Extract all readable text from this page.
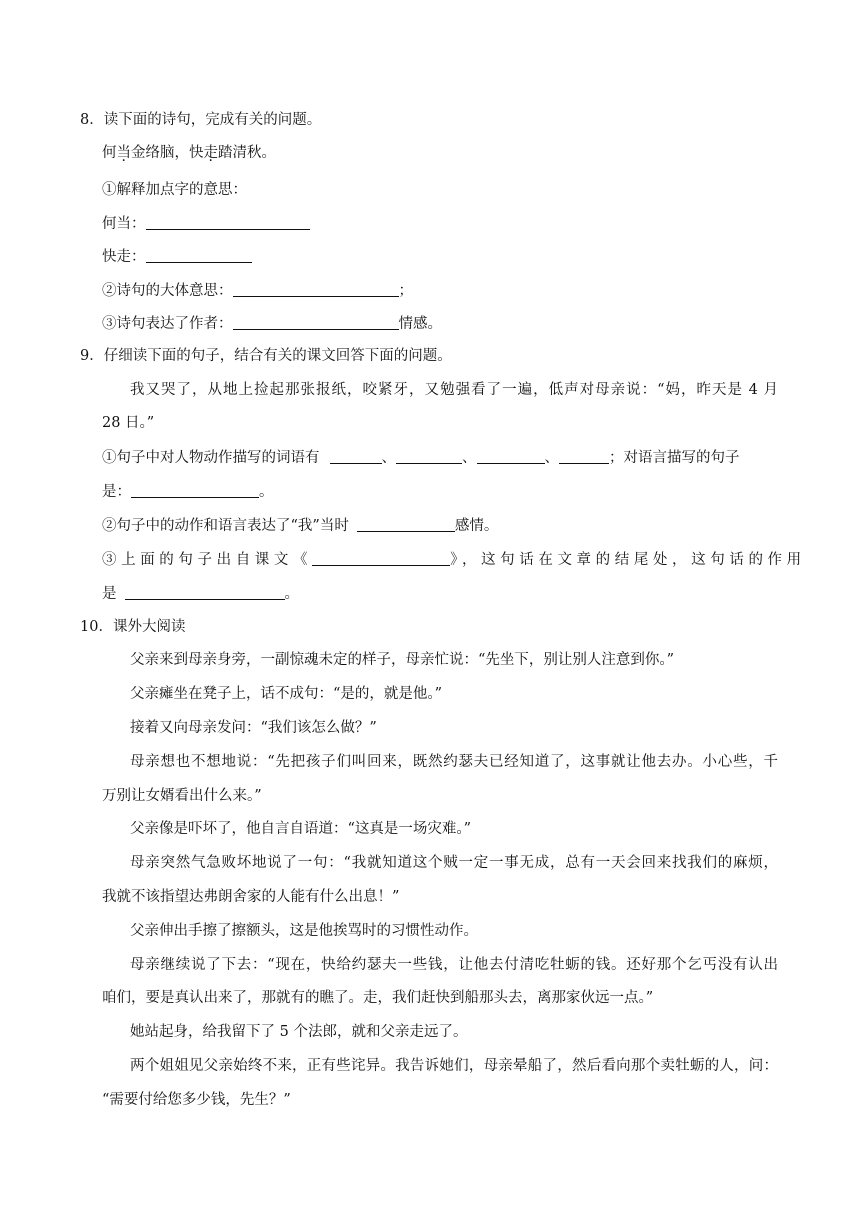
8．读下面的诗句，完成有关的问题。
何当金络脑，快走踏清秋。
①解释加点字的意思：
何当：
快走：
②诗句的大体意思：	；
③诗句表达了作者：	情感。
9．仔细读下面的句子，结合有关的课文回答下面的问题。
我又哭了，从地上捡起那张报纸，咬紧牙，又勉强看了一遍，低声对母亲说：“妈，昨天是 4 月
28 日。”
①句子中对人物动作描写的词语有	、	、	、	；对语言描写的句子
是：	。
②句子中的动作和语言表达了“我”当时	感情。
③上面的句子出自课文《	》，这句话在文章的结尾处，这句话的作用
是	。
10．课外大阅读
父亲来到母亲身旁，一副惊魂未定的样子，母亲忙说：“先坐下，别让别人注意到你。”
父亲瘫坐在凳子上，话不成句：“是的，就是他。”
接着又向母亲发问：“我们该怎么做？”
母亲想也不想地说：“先把孩子们叫回来，既然约瑟夫已经知道了，这事就让他去办。小心些，千
万别让女婿看出什么来。”
父亲像是吓坏了，他自言自语道：“这真是一场灾难。”
母亲突然气急败坏地说了一句：“我就知道这个贼一定一事无成，总有一天会回来找我们的麻烦，
我就不该指望达弗朗舍家的人能有什么出息！”
父亲伸出手擦了擦额头，这是他挨骂时的习惯性动作。
母亲继续说了下去：“现在，快给约瑟夫一些钱，让他去付清吃牡蛎的钱。还好那个乞丐没有认出
咱们，要是真认出来了，那就有的瞧了。走，我们赶快到船那头去，离那家伙远一点。”
她站起身，给我留下了 5 个法郎，就和父亲走远了。
两个姐姐见父亲始终不来，正有些诧异。我告诉她们，母亲晕船了，然后看向那个卖牡蛎的人，问：
“需要付给您多少钱，先生？”
